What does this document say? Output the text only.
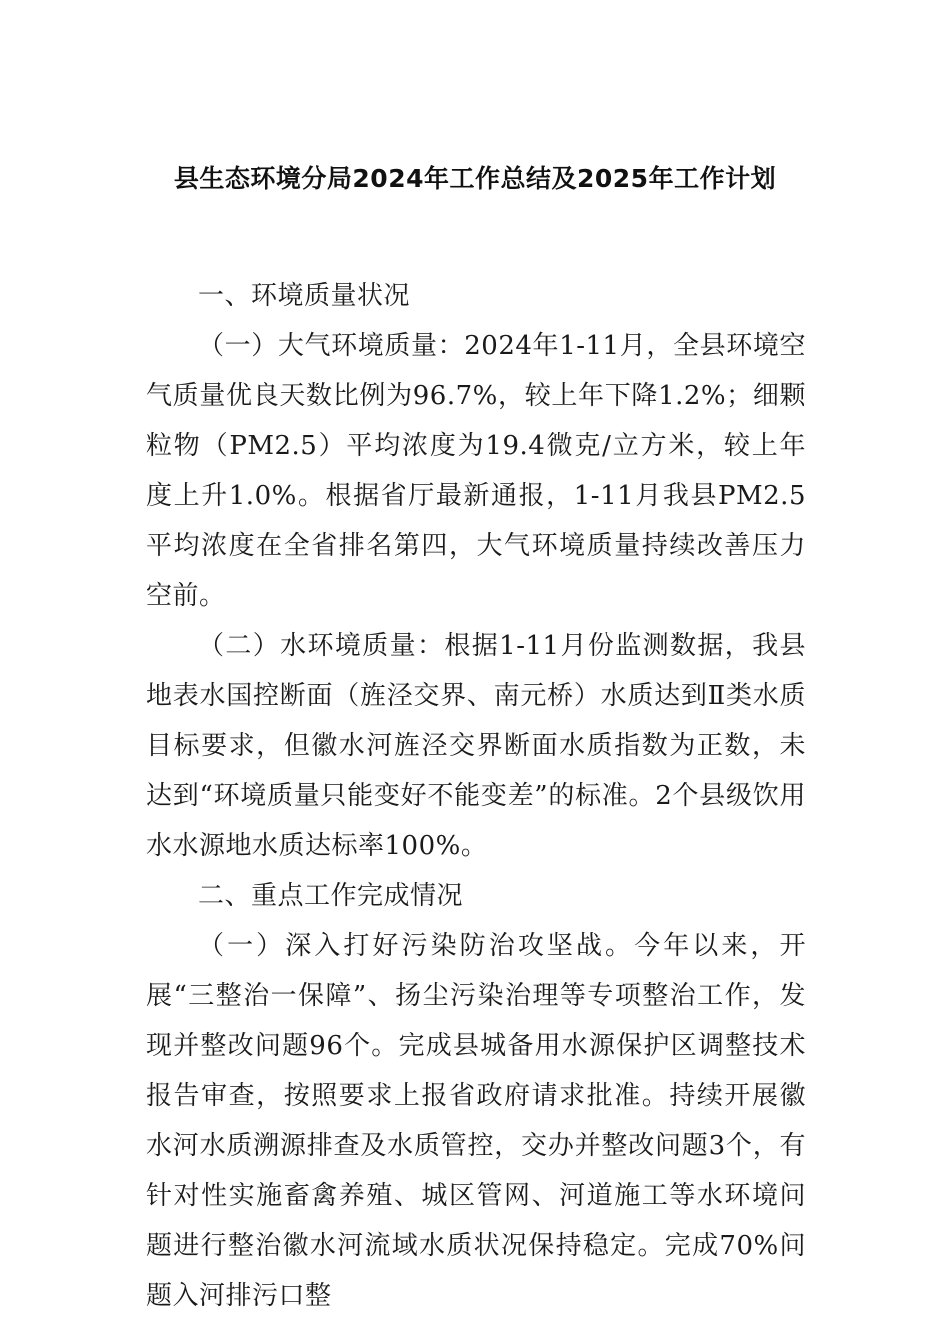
县生态环境分局2024年工作总结及2025年工作计划

一、环境质量状况

（一）大气环境质量：2024年1-11月，全县环境空气质量优良天数比例为96.7%，较上年下降1.2%；细颗粒物（PM2.5）平均浓度为19.4微克/立方米，较上年度上升1.0%。根据省厅最新通报，1-11月我县PM2.5平均浓度在全省排名第四，大气环境质量持续改善压力空前。

（二）水环境质量：根据1-11月份监测数据，我县地表水国控断面（旌泾交界、南元桥）水质达到Ⅱ类水质目标要求，但徽水河旌泾交界断面水质指数为正数，未达到“环境质量只能变好不能变差”的标准。2个县级饮用水水源地水质达标率100%。

二、重点工作完成情况

（一）深入打好污染防治攻坚战。今年以来，开展“三整治一保障”、扬尘污染治理等专项整治工作，发现并整改问题96个。完成县城备用水源保护区调整技术报告审查，按照要求上报省政府请求批准。持续开展徽水河水质溯源排查及水质管控，交办并整改问题3个，有针对性实施畜禽养殖、城区管网、河道施工等水环境问题进行整治徽水河流域水质状况保持稳定。完成70%问题入河排污口整
